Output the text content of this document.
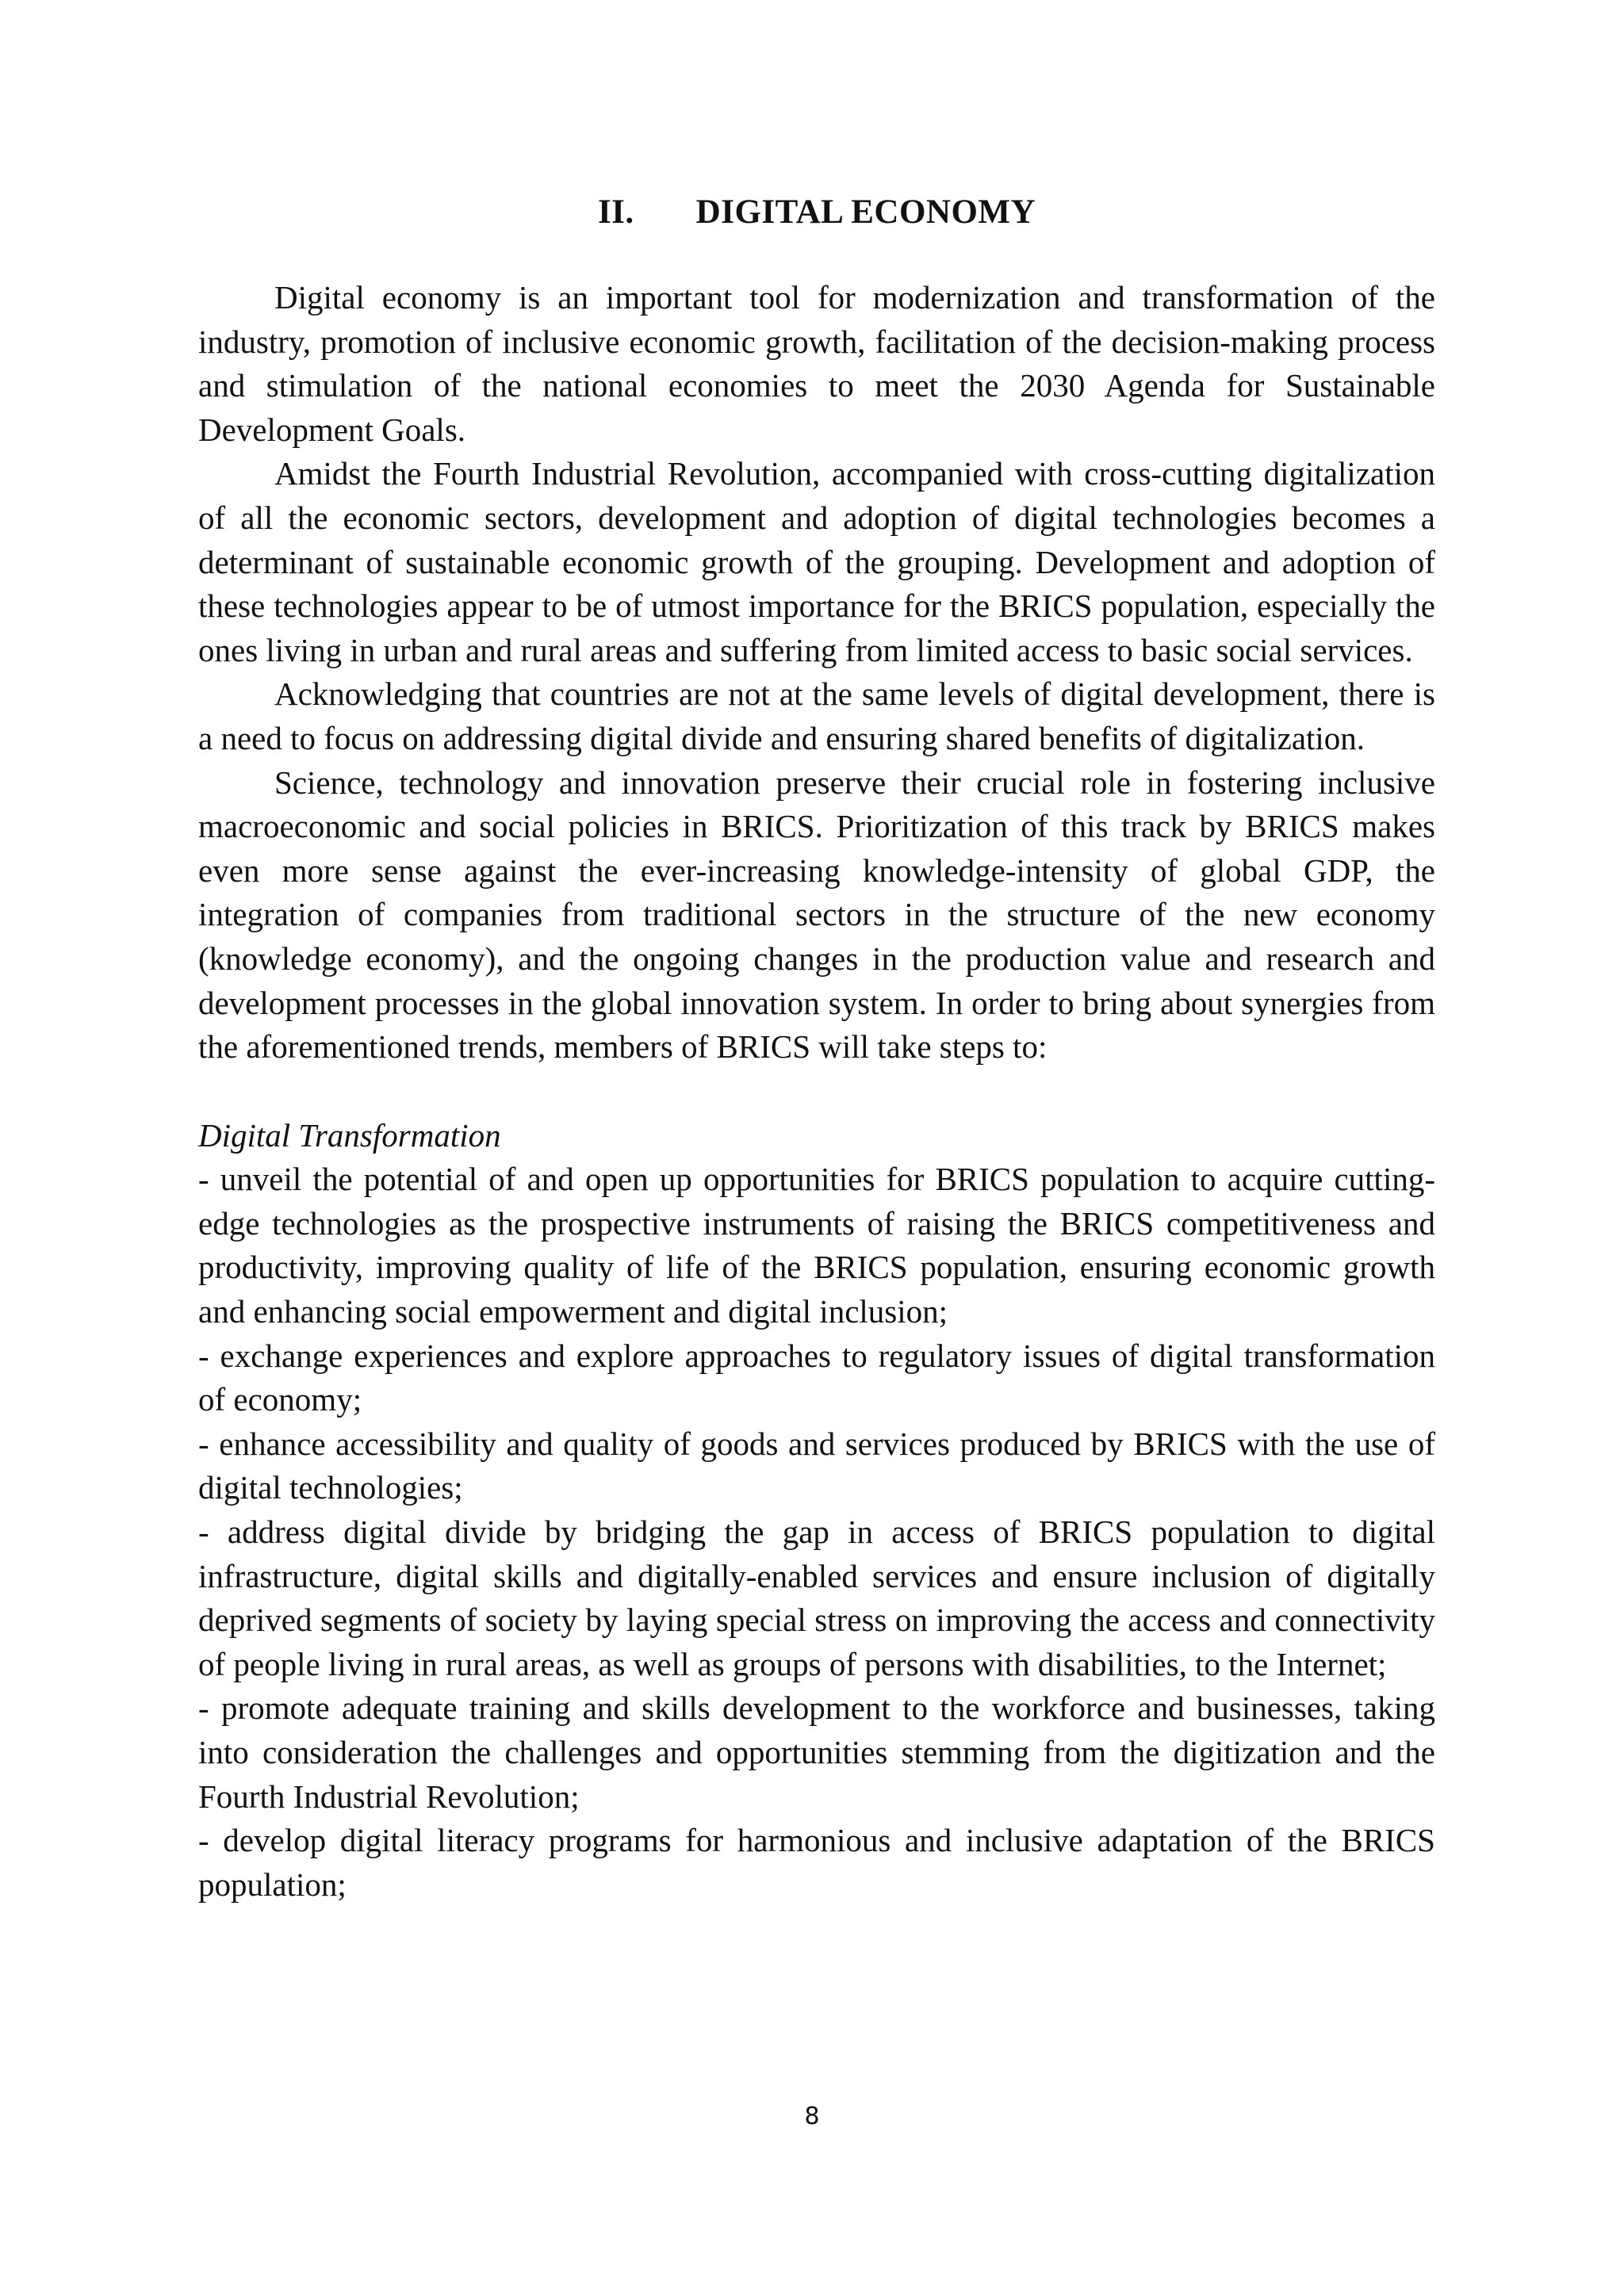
II. DIGITAL ECONOMY

Digital economy is an important tool for modernization and transformation of the industry, promotion of inclusive economic growth, facilitation of the decision-making process and stimulation of the national economies to meet the 2030 Agenda for Sustainable Development Goals.

Amidst the Fourth Industrial Revolution, accompanied with cross-cutting digitalization of all the economic sectors, development and adoption of digital technologies becomes a determinant of sustainable economic growth of the grouping. Development and adoption of these technologies appear to be of utmost importance for the BRICS population, especially the ones living in urban and rural areas and suffering from limited access to basic social services.

Acknowledging that countries are not at the same levels of digital development, there is a need to focus on addressing digital divide and ensuring shared benefits of digitalization.

Science, technology and innovation preserve their crucial role in fostering inclusive macroeconomic and social policies in BRICS. Prioritization of this track by BRICS makes even more sense against the ever-increasing knowledge-intensity of global GDP, the integration of companies from traditional sectors in the structure of the new economy (knowledge economy), and the ongoing changes in the production value and research and development processes in the global innovation system. In order to bring about synergies from the aforementioned trends, members of BRICS will take steps to:

Digital Transformation

- unveil the potential of and open up opportunities for BRICS population to acquire cutting-edge technologies as the prospective instruments of raising the BRICS competitiveness and productivity, improving quality of life of the BRICS population, ensuring economic growth and enhancing social empowerment and digital inclusion;

- exchange experiences and explore approaches to regulatory issues of digital transformation of economy;

- enhance accessibility and quality of goods and services produced by BRICS with the use of digital technologies;

- address digital divide by bridging the gap in access of BRICS population to digital infrastructure, digital skills and digitally-enabled services and ensure inclusion of digitally deprived segments of society by laying special stress on improving the access and connectivity of people living in rural areas, as well as groups of persons with disabilities, to the Internet;

- promote adequate training and skills development to the workforce and businesses, taking into consideration the challenges and opportunities stemming from the digitization and the Fourth Industrial Revolution;

- develop digital literacy programs for harmonious and inclusive adaptation of the BRICS population;

8
